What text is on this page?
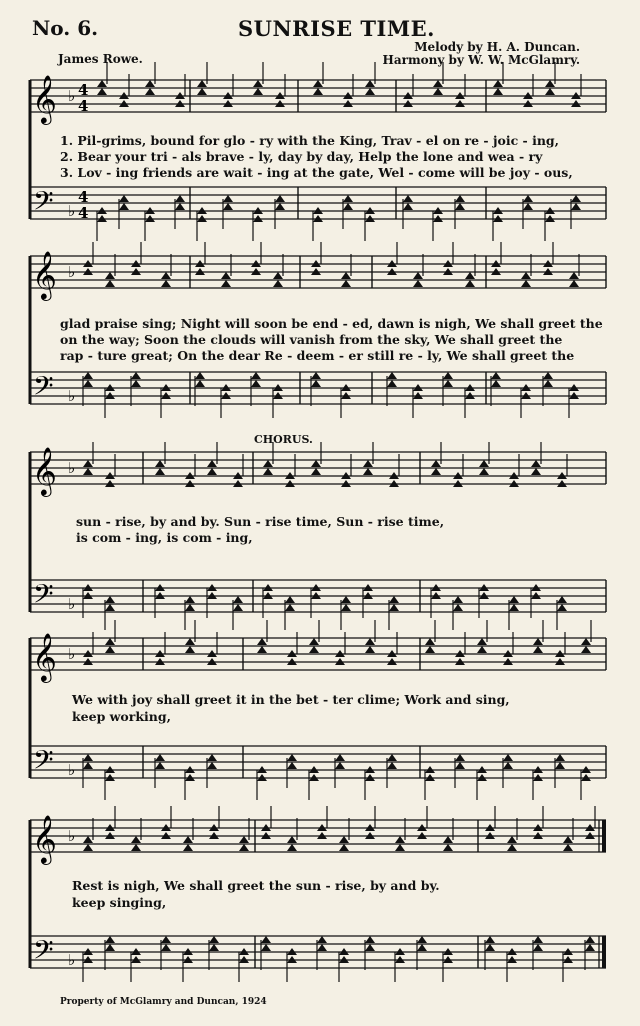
No. 6.	SUNRISE TIME.
James Rowe.
Melody by H. A. Duncan.
Harmony by W. W. McGlamry.
𝄞 ♭ 4
4
𝄢 ♭
4
4
𝄞 ♭
𝄢 ♭
𝄞 ♭
𝄢 ♭
𝄞 ♭
𝄢 ♭
𝄞 ♭
𝄢 ♭
CHORUS.
1. Pil-grims, bound for glo - ry with the King, Trav - el on re - joic - ing,
2. Bear your tri - als brave - ly, day by day, Help the lone and wea - ry
3. Lov - ing friends are wait - ing at the gate, Wel - come will be joy - ous,
glad praise sing; Night will soon be end - ed, dawn is nigh, We shall greet the
on the way; Soon the clouds will vanish from the sky, We shall greet the
rap - ture great; On the dear Re - deem - er still re - ly, We shall greet the
sun - rise, by and by. Sun - rise time, Sun - rise time,
is com - ing, is com - ing,
We with joy shall greet it in the bet - ter clime; Work and sing,
keep working,
Rest is nigh, We shall greet the sun - rise, by and by.
keep singing,
Property of McGlamry and Duncan, 1924
